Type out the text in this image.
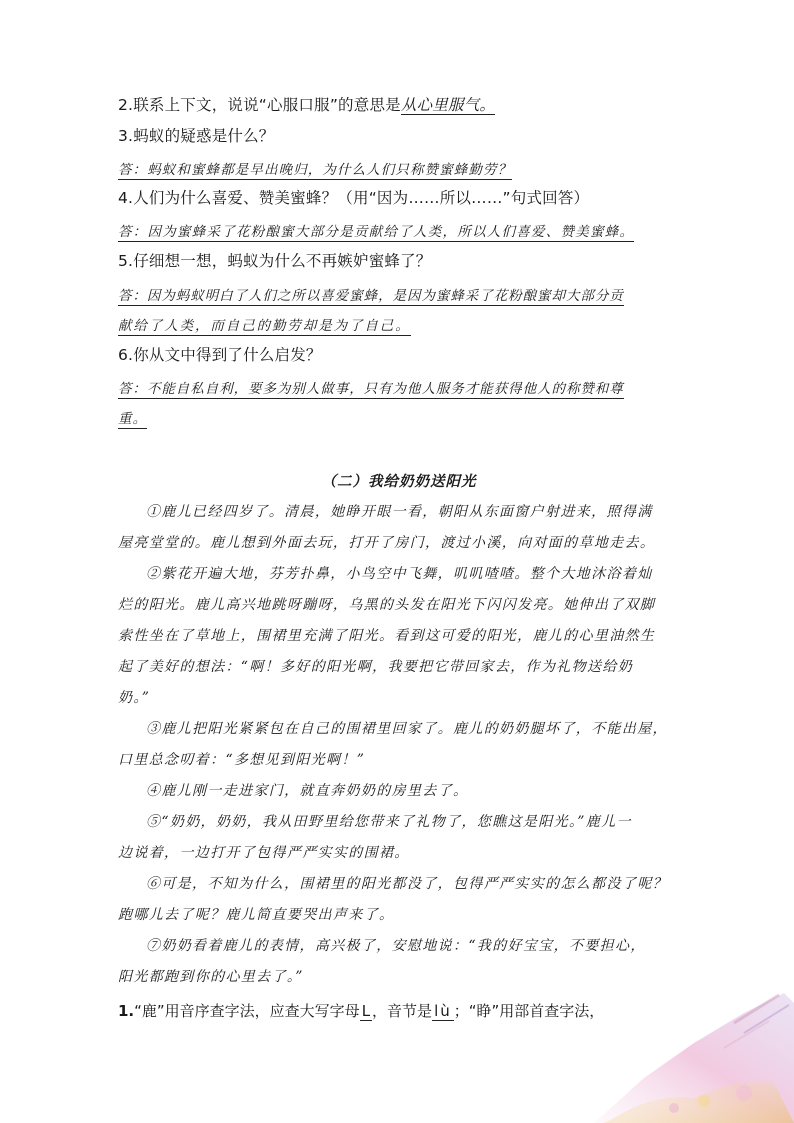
2.联系上下文，说说“心服口服”的意思是从心里服气。
3.蚂蚁的疑惑是什么？
答：蚂蚁和蜜蜂都是早出晚归，为什么人们只称赞蜜蜂勤劳？
4.人们为什么喜爱、赞美蜜蜂？（用“因为……所以……”句式回答）
答：因为蜜蜂采了花粉酿蜜大部分是贡献给了人类，所以人们喜爱、赞美蜜蜂。
5.仔细想一想，蚂蚁为什么不再嫉妒蜜蜂了？
答：因为蚂蚁明白了人们之所以喜爱蜜蜂，是因为蜜蜂采了花粉酿蜜却大部分贡
献给了人类，而自己的勤劳却是为了自己。
6.你从文中得到了什么启发？
答：不能自私自利，要多为别人做事，只有为他人服务才能获得他人的称赞和尊
重。
（二）我给奶奶送阳光
①鹿儿已经四岁了。清晨，她睁开眼一看，朝阳从东面窗户射进来，照得满
屋亮堂堂的。鹿儿想到外面去玩，打开了房门，渡过小溪，向对面的草地走去。
②紫花开遍大地，芬芳扑鼻，小鸟空中飞舞，叽叽喳喳。整个大地沐浴着灿
烂的阳光。鹿儿高兴地跳呀蹦呀，乌黑的头发在阳光下闪闪发亮。她伸出了双脚
索性坐在了草地上，围裙里充满了阳光。看到这可爱的阳光，鹿儿的心里油然生
起了美好的想法：“啊！多好的阳光啊，我要把它带回家去，作为礼物送给奶
奶。”
③鹿儿把阳光紧紧包在自己的围裙里回家了。鹿儿的奶奶腿坏了，不能出屋，
口里总念叨着：“多想见到阳光啊！”
④鹿儿刚一走进家门，就直奔奶奶的房里去了。
⑤“奶奶，奶奶，我从田野里给您带来了礼物了，您瞧这是阳光。”鹿儿一
边说着，一边打开了包得严严实实的围裙。
⑥可是，不知为什么，围裙里的阳光都没了，包得严严实实的怎么都没了呢？
跑哪儿去了呢？鹿儿简直要哭出声来了。
⑦奶奶看着鹿儿的表情，高兴极了，安慰地说：“我的好宝宝，不要担心，
阳光都跑到你的心里去了。”
1.“鹿”用音序查字法，应查大写字母 L ，音节是 lù ；“睁”用部首查字法，
